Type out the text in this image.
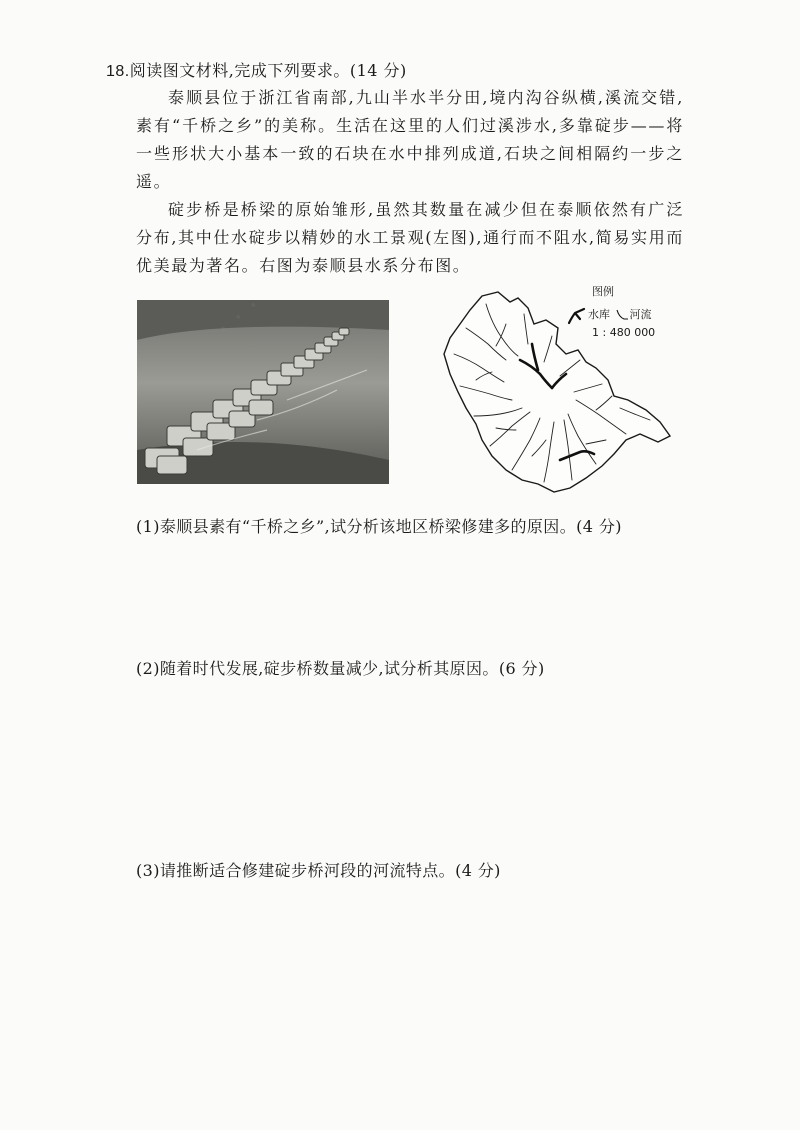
18.阅读图文材料,完成下列要求。(14 分)

泰顺县位于浙江省南部,九山半水半分田,境内沟谷纵横,溪流交错,素有“千桥之乡”的美称。生活在这里的人们过溪涉水,多靠碇步——将一些形状大小基本一致的石块在水中排列成道,石块之间相隔约一步之遥。

碇步桥是桥梁的原始雏形,虽然其数量在减少但在泰顺依然有广泛分布,其中仕水碇步以精妙的水工景观(左图),通行而不阻水,简易实用而优美最为著名。右图为泰顺县水系分布图。

· · ·	图例
水库 河流
1 : 480 000
(1)泰顺县素有“千桥之乡”,试分析该地区桥梁修建多的原因。(4 分)
(2)随着时代发展,碇步桥数量减少,试分析其原因。(6 分)
(3)请推断适合修建碇步桥河段的河流特点。(4 分)
